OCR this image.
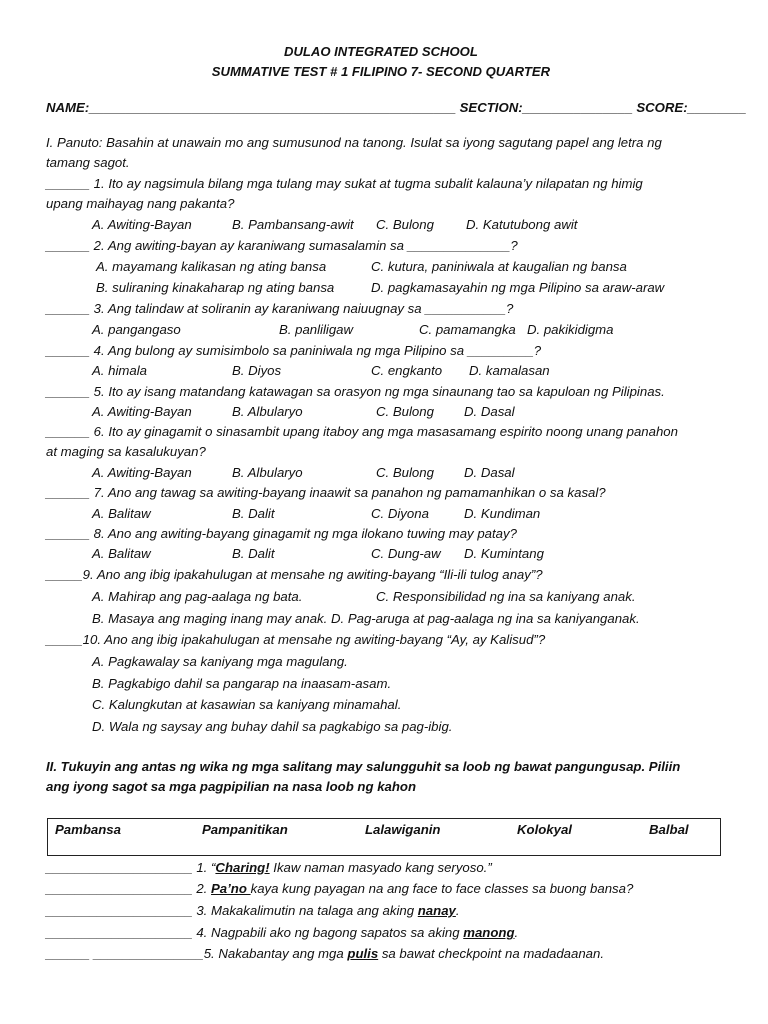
DULAO INTEGRATED SCHOOL
SUMMATIVE TEST # 1 FILIPINO 7- SECOND QUARTER
NAME:__________________________________________________ SECTION:_______________ SCORE:________
I. Panuto: Basahin at unawain mo ang sumusunod na tanong. Isulat sa iyong sagutang papel ang letra ng
tamang sagot.
______ 1. Ito ay nagsimula bilang mga tulang may sukat at tugma subalit kalauna’y nilapatan ng himig
upang maihayag nang pakanta?
A. Awiting-Bayan	B. Pambansang-awit C. Bulong D. Katutubong awit
______ 2. Ang awiting-bayan ay karaniwang sumasalamin sa ______________?
A. mayamang kalikasan ng ating bansa	C. kutura, paniniwala at kaugalian ng bansa
B. suliraning kinakaharap ng ating bansa	D. pagkamasayahin ng mga Pilipino sa araw-araw
______ 3. Ang talindaw at soliranin ay karaniwang naiuugnay sa ___________?
A. pangangaso	B. panliligaw	C. pamamangka D. pakikidigma
______ 4. Ang bulong ay sumisimbolo sa paniniwala ng mga Pilipino sa _________?
A. himala	B. Diyos	C. engkanto D. kamalasan
______ 5. Ito ay isang matandang katawagan sa orasyon ng mga sinaunang tao sa kapuloan ng Pilipinas.
A. Awiting-Bayan	B. Albularyo	C. Bulong D. Dasal
______ 6. Ito ay ginagamit o sinasambit upang itaboy ang mga masasamang espirito noong unang panahon
at maging sa kasalukuyan?
A. Awiting-Bayan	B. Albularyo	C. Bulong D. Dasal
______ 7. Ano ang tawag sa awiting-bayang inaawit sa panahon ng pamamanhikan o sa kasal?
A. Balitaw	B. Dalit	C. Diyona	D. Kundiman
______ 8. Ano ang awiting-bayang ginagamit ng mga ilokano tuwing may patay?
A. Balitaw	B. Dalit	C. Dung-aw D. Kumintang
_____9. Ano ang ibig ipakahulugan at mensahe ng awiting-bayang “Ili-ili tulog anay”?
A. Mahirap ang pag-aalaga ng bata.	C. Responsibilidad ng ina sa kaniyang anak.
B. Masaya ang maging inang may anak. D. Pag-aruga at pag-aalaga ng ina sa kaniyanganak.
_____10. Ano ang ibig ipakahulugan at mensahe ng awiting-bayang “Ay, ay Kalisud”?
A. Pagkawalay sa kaniyang mga magulang.
B. Pagkabigo dahil sa pangarap na inaasam-asam.
C. Kalungkutan at kasawian sa kaniyang minamahal.
D. Wala ng saysay ang buhay dahil sa pagkabigo sa pag-ibig.
II. Tukuyin ang antas ng wika ng mga salitang may salungguhit sa loob ng bawat pangungusap. Piliin
ang iyong sagot sa mga pagpipilian na nasa loob ng kahon
Pambansa	Pampanitikan	Lalawiganin	Kolokyal	Balbal
____________________ 1. “Charing! Ikaw naman masyado kang seryoso.”
____________________ 2. Pa’no kaya kung payagan na ang face to face classes sa buong bansa?
____________________ 3. Makakalimutin na talaga ang aking nanay.
____________________ 4. Nagpabili ako ng bagong sapatos sa aking manong.
______ _______________5. Nakabantay ang mga pulis sa bawat checkpoint na madadaanan.
